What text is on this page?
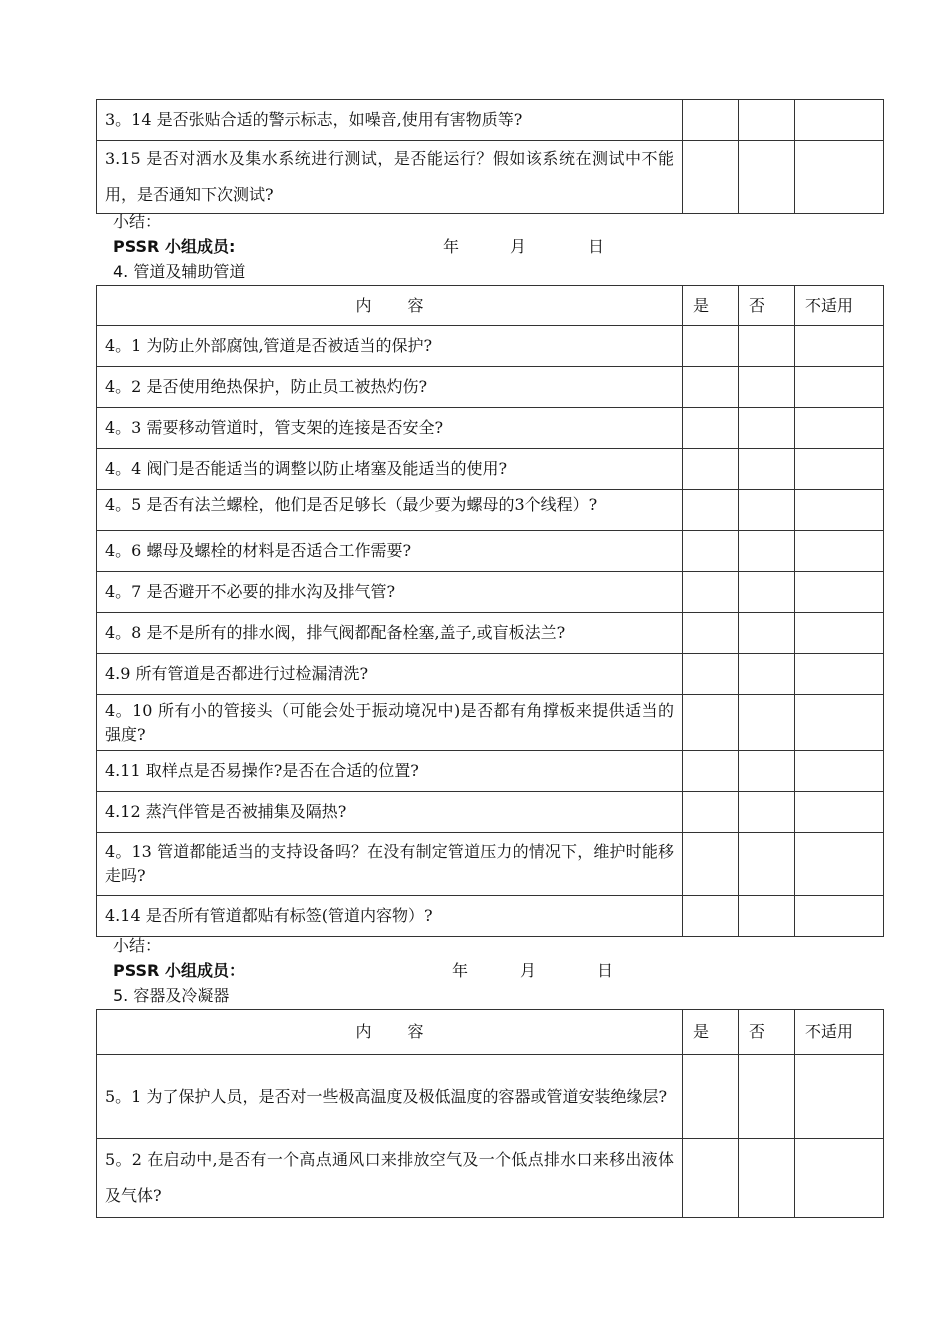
3。14 是否张贴合适的警示标志，如噪音,使用有害物质等?			
3.15 是否对洒水及集水系统进行测试，是否能运行？假如该系统在测试中不能用，是否通知下次测试?			
小结：
PSSR 小组成员:	年	月	日
4. 管道及辅助管道
内 容	是	否	不适用
4。1 为防止外部腐蚀,管道是否被适当的保护?			
4。2 是否使用绝热保护，防止员工被热灼伤?			
4。3 需要移动管道时，管支架的连接是否安全?			
4。4 阀门是否能适当的调整以防止堵塞及能适当的使用?			

4。5 是否有法兰螺栓，他们是否足够长（最少要为螺母的3个线程）?			

4。6 螺母及螺栓的材料是否适合工作需要?			
4。7 是否避开不必要的排水沟及排气管?			
4。8 是不是所有的排水阀，排气阀都配备栓塞,盖子,或盲板法兰?			
4.9 所有管道是否都进行过检漏清洗?			
4。10 所有小的管接头（可能会处于振动境况中)是否都有角撑板来提供适当的强度?			
4.11 取样点是否易操作?是否在合适的位置?			
4.12 蒸汽伴管是否被捕集及隔热?			
4。13 管道都能适当的支持设备吗？在没有制定管道压力的情况下，维护时能移走吗?			
4.14 是否所有管道都贴有标签(管道内容物）?			
小结：
PSSR 小组成员：	年	月	日
5. 容器及冷凝器
内 容	是	否	不适用
5。1 为了保护人员，是否对一些极高温度及极低温度的容器或管道安装绝缘层?			
5。2 在启动中,是否有一个高点通风口来排放空气及一个低点排水口来移出液体及气体?			
